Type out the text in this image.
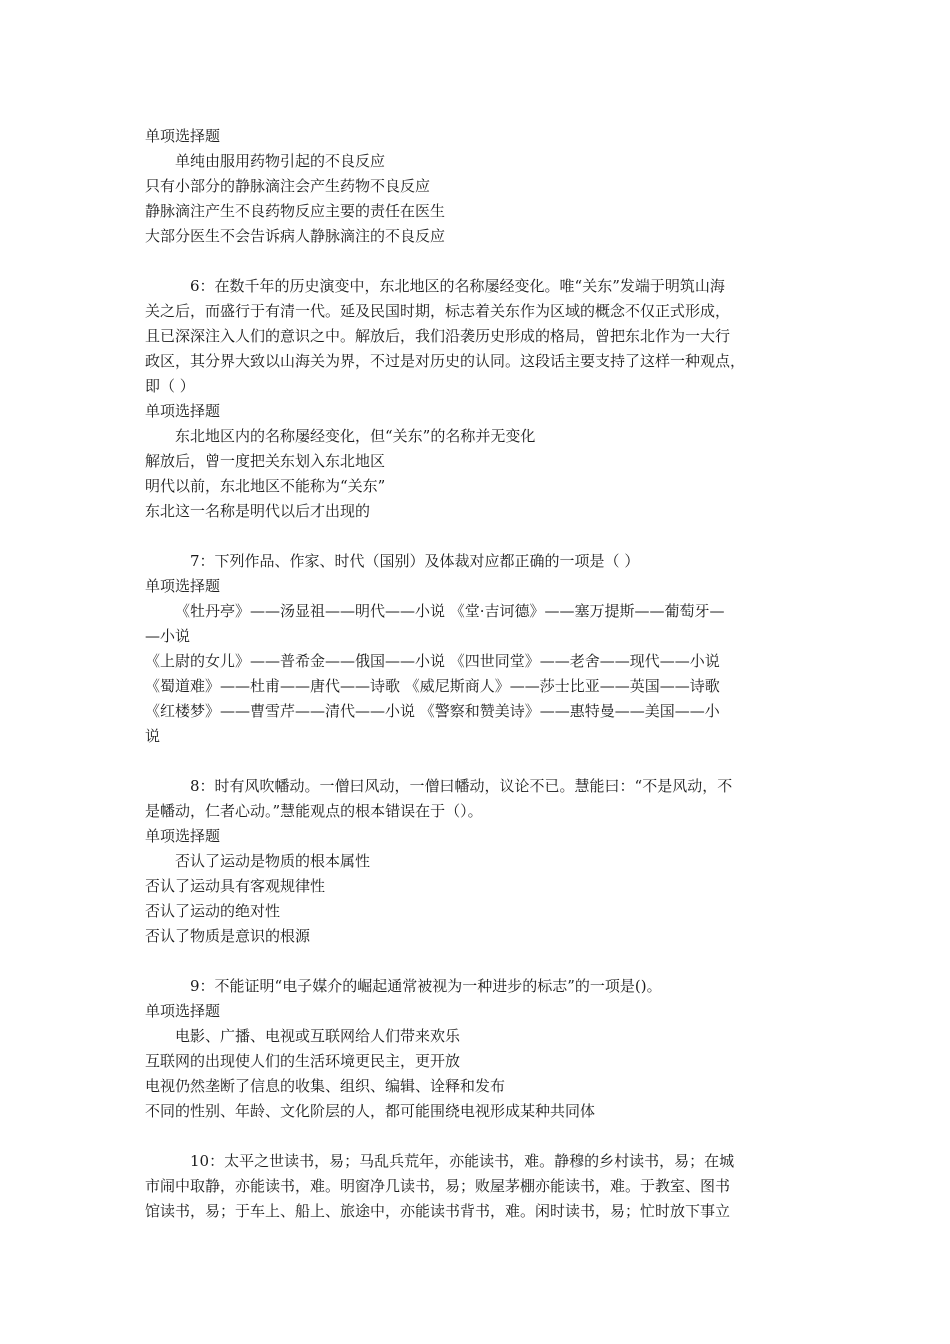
单项选择题
单纯由服用药物引起的不良反应
只有小部分的静脉滴注会产生药物不良反应
静脉滴注产生不良药物反应主要的责任在医生
大部分医生不会告诉病人静脉滴注的不良反应
6：在数千年的历史演变中，东北地区的名称屡经变化。唯“关东”发端于明筑山海
关之后，而盛行于有清一代。延及民国时期，标志着关东作为区域的概念不仅正式形成，
且已深深注入人们的意识之中。解放后，我们沿袭历史形成的格局，曾把东北作为一大行
政区，其分界大致以山海关为界，不过是对历史的认同。这段话主要支持了这样一种观点，
即（ ）
单项选择题
东北地区内的名称屡经变化，但“关东”的名称并无变化
解放后，曾一度把关东划入东北地区
明代以前，东北地区不能称为“关东”
东北这一名称是明代以后才出现的
7：下列作品、作家、时代（国别）及体裁对应都正确的一项是（ ）
单项选择题
《牡丹亭》——汤显祖——明代——小说 《堂·吉诃德》——塞万提斯——葡萄牙—
—小说
《上尉的女儿》——普希金——俄国——小说 《四世同堂》——老舍——现代——小说
《蜀道难》——杜甫——唐代——诗歌 《威尼斯商人》——莎士比亚——英国——诗歌
《红楼梦》——曹雪芹——清代——小说 《警察和赞美诗》——惠特曼——美国——小
说
8：时有风吹幡动。一僧曰风动，一僧曰幡动，议论不已。慧能曰：“不是风动，不
是幡动，仁者心动。”慧能观点的根本错误在于（）。
单项选择题
否认了运动是物质的根本属性
否认了运动具有客观规律性
否认了运动的绝对性
否认了物质是意识的根源
9：不能证明“电子媒介的崛起通常被视为一种进步的标志”的一项是()。
单项选择题
电影、广播、电视或互联网给人们带来欢乐
互联网的出现使人们的生活环境更民主，更开放
电视仍然垄断了信息的收集、组织、编辑、诠释和发布
不同的性别、年龄、文化阶层的人，都可能围绕电视形成某种共同体
10：太平之世读书，易；马乱兵荒年，亦能读书，难。静穆的乡村读书，易；在城
市闹中取静，亦能读书，难。明窗净几读书，易；败屋茅棚亦能读书，难。于教室、图书
馆读书，易；于车上、船上、旅途中，亦能读书背书，难。闲时读书，易；忙时放下事立
